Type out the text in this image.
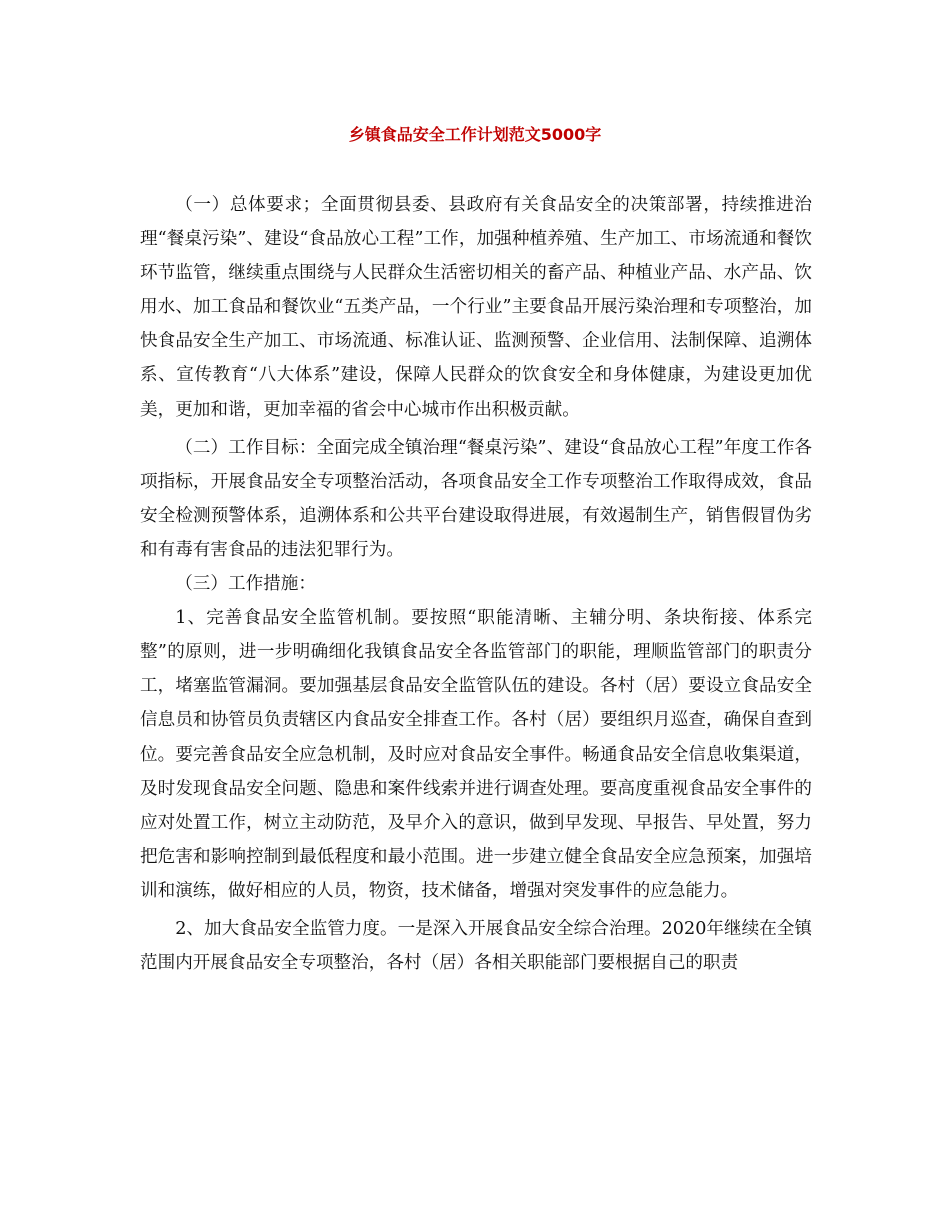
乡镇食品安全工作计划范文5000字

（一）总体要求；全面贯彻县委、县政府有关食品安全的决策部署，持续推进治理“餐桌污染”、建设“食品放心工程”工作，加强种植养殖、生产加工、市场流通和餐饮环节监管，继续重点围绕与人民群众生活密切相关的畜产品、种植业产品、水产品、饮用水、加工食品和餐饮业“五类产品，一个行业”主要食品开展污染治理和专项整治，加快食品安全生产加工、市场流通、标准认证、监测预警、企业信用、法制保障、追溯体系、宣传教育“八大体系”建设，保障人民群众的饮食安全和身体健康，为建设更加优美，更加和谐，更加幸福的省会中心城市作出积极贡献。

（二）工作目标：全面完成全镇治理“餐桌污染”、建设“食品放心工程”年度工作各项指标，开展食品安全专项整治活动，各项食品安全工作专项整治工作取得成效，食品安全检测预警体系，追溯体系和公共平台建设取得进展，有效遏制生产，销售假冒伪劣和有毒有害食品的违法犯罪行为。

（三）工作措施：

1、完善食品安全监管机制。要按照“职能清晰、主辅分明、条块衔接、体系完整”的原则，进一步明确细化我镇食品安全各监管部门的职能，理顺监管部门的职责分工，堵塞监管漏洞。要加强基层食品安全监管队伍的建设。各村（居）要设立食品安全信息员和协管员负责辖区内食品安全排查工作。各村（居）要组织月巡查，确保自查到位。要完善食品安全应急机制，及时应对食品安全事件。畅通食品安全信息收集渠道，及时发现食品安全问题、隐患和案件线索并进行调查处理。要高度重视食品安全事件的应对处置工作，树立主动防范，及早介入的意识，做到早发现、早报告、早处置，努力把危害和影响控制到最低程度和最小范围。进一步建立健全食品安全应急预案，加强培训和演练，做好相应的人员，物资，技术储备，增强对突发事件的应急能力。

2、加大食品安全监管力度。一是深入开展食品安全综合治理。2020年继续在全镇范围内开展食品安全专项整治，各村（居）各相关职能部门要根据自己的职责
